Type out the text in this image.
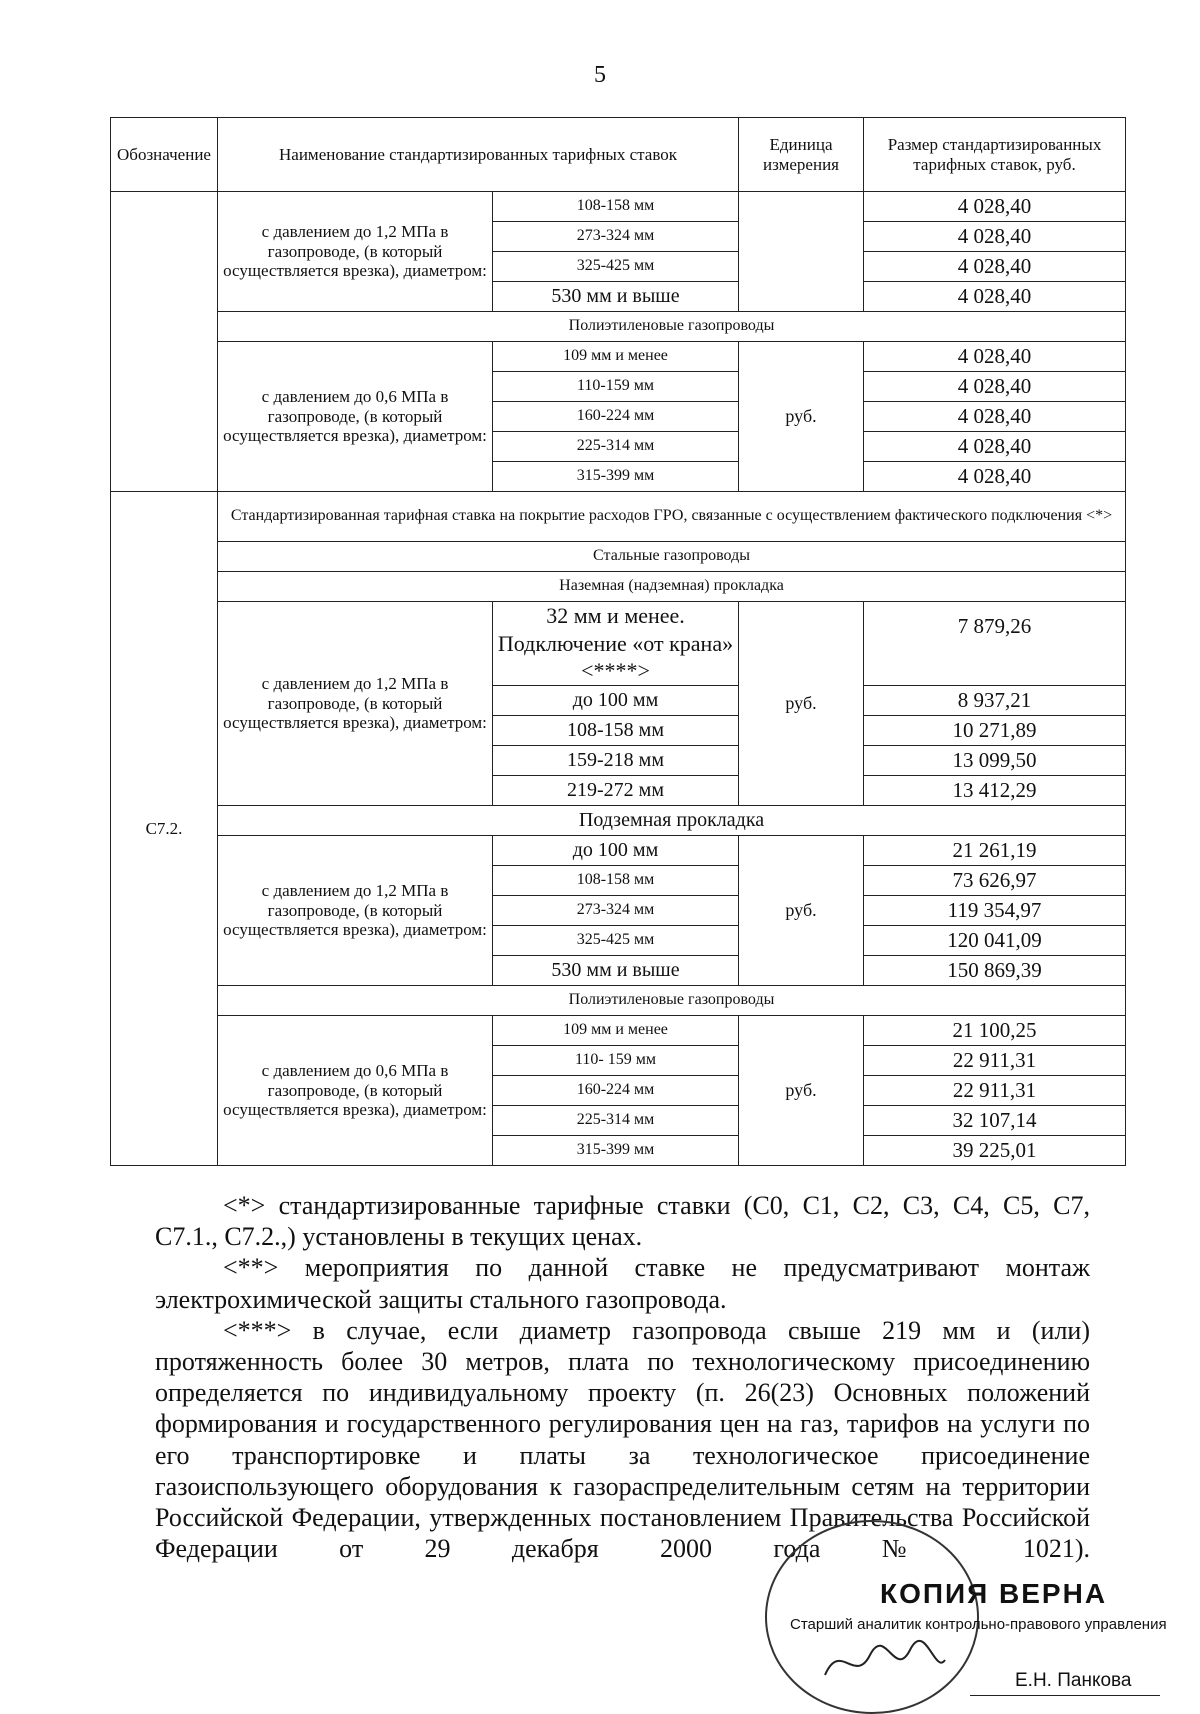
5
Обозначение	Наименование стандартизированных тарифных ставок		Единица измерения	Размер стандартизированных тарифных ставок, руб.
	с давлением до 1,2 МПа в газопроводе, (в который осуществляется врезка), диаметром:	108-158 мм		4 028,40
		273-324 мм		4 028,40
		325-425 мм		4 028,40
		530 мм и выше		4 028,40
	Полиэтиленовые газопроводы			
	с давлением до 0,6 МПа в газопроводе, (в который осуществляется врезка), диаметром:	109 мм и менее	руб.	4 028,40
		110-159 мм		4 028,40
		160-224 мм		4 028,40
		225-314 мм		4 028,40
		315-399 мм		4 028,40
С7.2.	Стандартизированная тарифная ставка на покрытие расходов ГРО, связанные с осуществлением фактического подключения <*>			
	Стальные газопроводы			
	Наземная (надземная) прокладка			
	с давлением до 1,2 МПа в газопроводе, (в который осуществляется врезка), диаметром:	32 мм и менее. Подключение «от крана» <****>	руб.	7 879,26
		до 100 мм		8 937,21
		108-158 мм		10 271,89
		159-218 мм		13 099,50
		219-272 мм		13 412,29
	Подземная прокладка			
	с давлением до 1,2 МПа в газопроводе, (в который осуществляется врезка), диаметром:	до 100 мм	руб.	21 261,19
		108-158 мм		73 626,97
		273-324 мм		119 354,97
		325-425 мм		120 041,09
		530 мм и выше		150 869,39
	Полиэтиленовые газопроводы			
	с давлением до 0,6 МПа в газопроводе, (в который осуществляется врезка), диаметром:	109 мм и менее	руб.	21 100,25
		110- 159 мм		22 911,31
		160-224 мм		22 911,31
		225-314 мм		32 107,14
		315-399 мм		39 225,01

<*> стандартизированные тарифные ставки (С0, С1, С2, С3, С4, С5, С7, С7.1., С7.2.,) установлены в текущих ценах.

<**> мероприятия по данной ставке не предусматривают монтаж электрохимической защиты стального газопровода.

<***> в случае, если диаметр газопровода свыше 219 мм и (или) протяженность более 30 метров, плата по технологическому присоединению определяется по индивидуальному проекту (п. 26(23) Основных положений формирования и государственного регулирования цен на газ, тарифов на услуги по его транспортировке и платы за технологическое присоединение газоиспользующего оборудования к газораспределительным сетям на территории Российской Федерации, утвержденных постановлением Правительства Российской Федерации от 29 декабря 2000 года № 1021).

КОПИЯ ВЕРНА
Старший аналитик контрольно-правового управления
Е.Н. Панкова
